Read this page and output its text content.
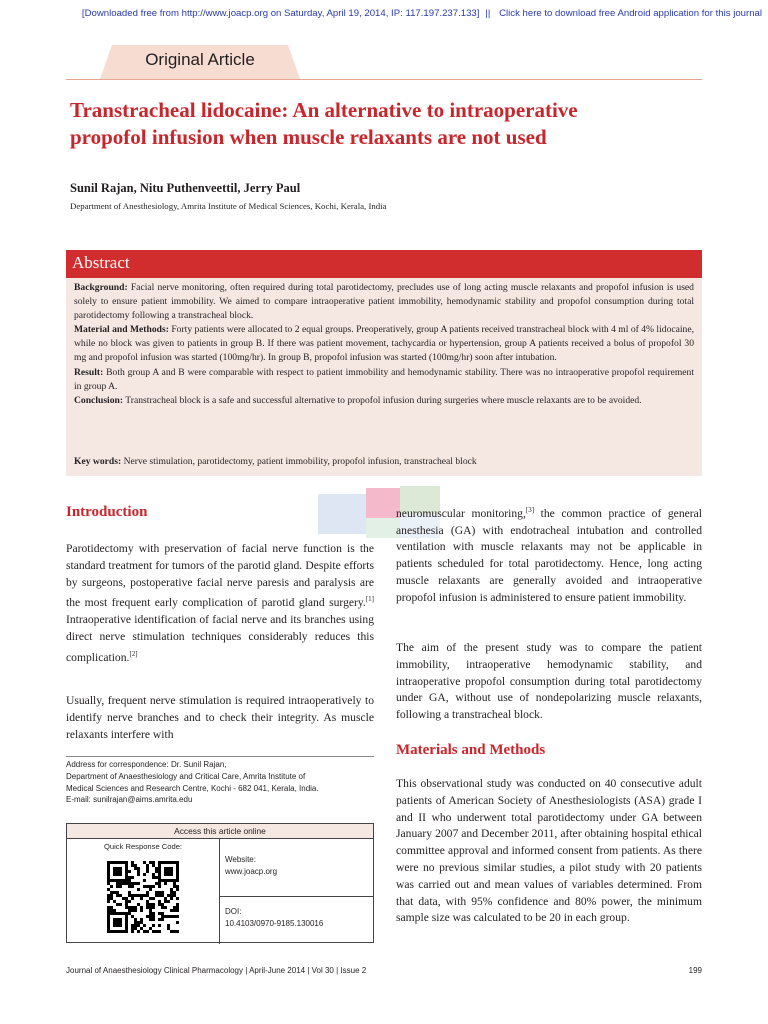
[Downloaded free from http://www.joacp.org on Saturday, April 19, 2014, IP: 117.197.237.133] || Click here to download free Android application for this journal
Original Article
Transtracheal lidocaine: An alternative to intraoperative
propofol infusion when muscle relaxants are not used
Sunil Rajan, Nitu Puthenveettil, Jerry Paul
Department of Anesthesiology, Amrita Institute of Medical Sciences, Kochi, Kerala, India
Abstract

Background: Facial nerve monitoring, often required during total parotidectomy, precludes use of long acting muscle relaxants and propofol infusion is used solely to ensure patient immobility. We aimed to compare intraoperative patient immobility, hemodynamic stability and propofol consumption during total parotidectomy following a transtracheal block.

Material and Methods: Forty patients were allocated to 2 equal groups. Preoperatively, group A patients received transtracheal block with 4 ml of 4% lidocaine, while no block was given to patients in group B. If there was patient movement, tachycardia or hypertension, group A patients received a bolus of propofol 30 mg and propofol infusion was started (100mg/hr). In group B, propofol infusion was started (100mg/hr) soon after intubation.

Result: Both group A and B were comparable with respect to patient immobility and hemodynamic stability. There was no intraoperative propofol requirement in group A.

Conclusion: Transtracheal block is a safe and successful alternative to propofol infusion during surgeries where muscle relaxants are to be avoided.

Key words: Nerve stimulation, parotidectomy, patient immobility, propofol infusion, transtracheal block
Introduction

Parotidectomy with preservation of facial nerve function is the standard treatment for tumors of the parotid gland. Despite efforts by surgeons, postoperative facial nerve paresis and paralysis are the most frequent early complication of parotid gland surgery.[1] Intraoperative identification of facial nerve and its branches using direct nerve stimulation techniques considerably reduces this complication.[2]

Usually, frequent nerve stimulation is required intraoperatively to identify nerve branches and to check their integrity. As muscle relaxants interfere with

Address for correspondence: Dr. Sunil Rajan,
Department of Anaesthesiology and Critical Care, Amrita Institute of
Medical Sciences and Research Centre, Kochi - 682 041, Kerala, India.
E-mail: sunilrajan@aims.amrita.edu
Access this article online
Quick Response Code:
Website:
www.joacp.org
DOI:
10.4103/0970-9185.130016

neuromuscular monitoring,[3] the common practice of general anesthesia (GA) with endotracheal intubation and controlled ventilation with muscle relaxants may not be applicable in patients scheduled for total parotidectomy. Hence, long acting muscle relaxants are generally avoided and intraoperative propofol infusion is administered to ensure patient immobility.

The aim of the present study was to compare the patient immobility, intraoperative hemodynamic stability, and intraoperative propofol consumption during total parotidectomy under GA, without use of nondepolarizing muscle relaxants, following a transtracheal block.

Materials and Methods

This observational study was conducted on 40 consecutive adult patients of American Society of Anesthesiologists (ASA) grade I and II who underwent total parotidectomy under GA between January 2007 and December 2011, after obtaining hospital ethical committee approval and informed consent from patients. As there were no previous similar studies, a pilot study with 20 patients was carried out and mean values of variables determined. From that data, with 95% confidence and 80% power, the minimum sample size was calculated to be 20 in each group.

Journal of Anaesthesiology Clinical Pharmacology | April-June 2014 | Vol 30 | Issue 2	199
